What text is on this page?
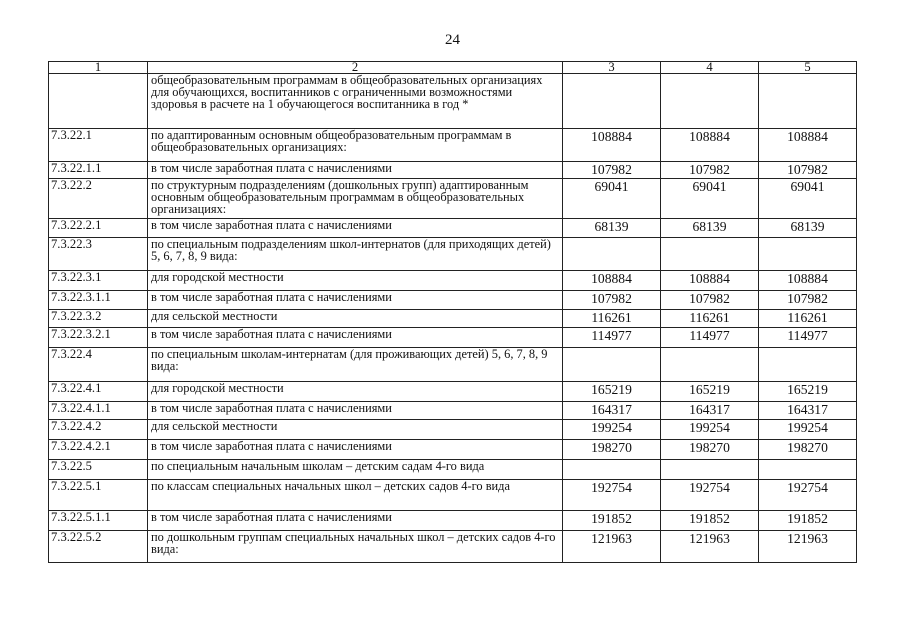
24
1	2	3	4	5
	общеобразовательным программам в общеобразовательных организациях для обучающихся, воспитанников с ограниченными возможностями здоровья в расчете на 1 обучающегося воспитанника в год *			
7.3.22.1	по адаптированным основным общеобразовательным программам в общеобразовательных организациях:	108884	108884	108884
7.3.22.1.1	в том числе заработная плата с начислениями	107982	107982	107982
7.3.22.2	по структурным подразделениям (дошкольных групп) адаптированным основным общеобразовательным программам в общеобразовательных организациях:	69041	69041	69041
7.3.22.2.1	в том числе заработная плата с начислениями	68139	68139	68139
7.3.22.3	по специальным подразделениям школ-интернатов (для приходящих детей) 5, 6, 7, 8, 9 вида:			
7.3.22.3.1	для городской местности	108884	108884	108884
7.3.22.3.1.1	в том числе заработная плата с начислениями	107982	107982	107982
7.3.22.3.2	для сельской местности	116261	116261	116261
7.3.22.3.2.1	в том числе заработная плата с начислениями	114977	114977	114977
7.3.22.4	по специальным школам-интернатам (для проживающих детей) 5, 6, 7, 8, 9 вида:			
7.3.22.4.1	для городской местности	165219	165219	165219
7.3.22.4.1.1	в том числе заработная плата с начислениями	164317	164317	164317
7.3.22.4.2	для сельской местности	199254	199254	199254
7.3.22.4.2.1	в том числе заработная плата с начислениями	198270	198270	198270
7.3.22.5	по специальным начальным школам – детским садам 4-го вида			
7.3.22.5.1	по классам специальных начальных школ – детских садов 4-го вида	192754	192754	192754
7.3.22.5.1.1	в том числе заработная плата с начислениями	191852	191852	191852
7.3.22.5.2	по дошкольным группам специальных начальных школ – детских садов 4-го вида:	121963	121963	121963
